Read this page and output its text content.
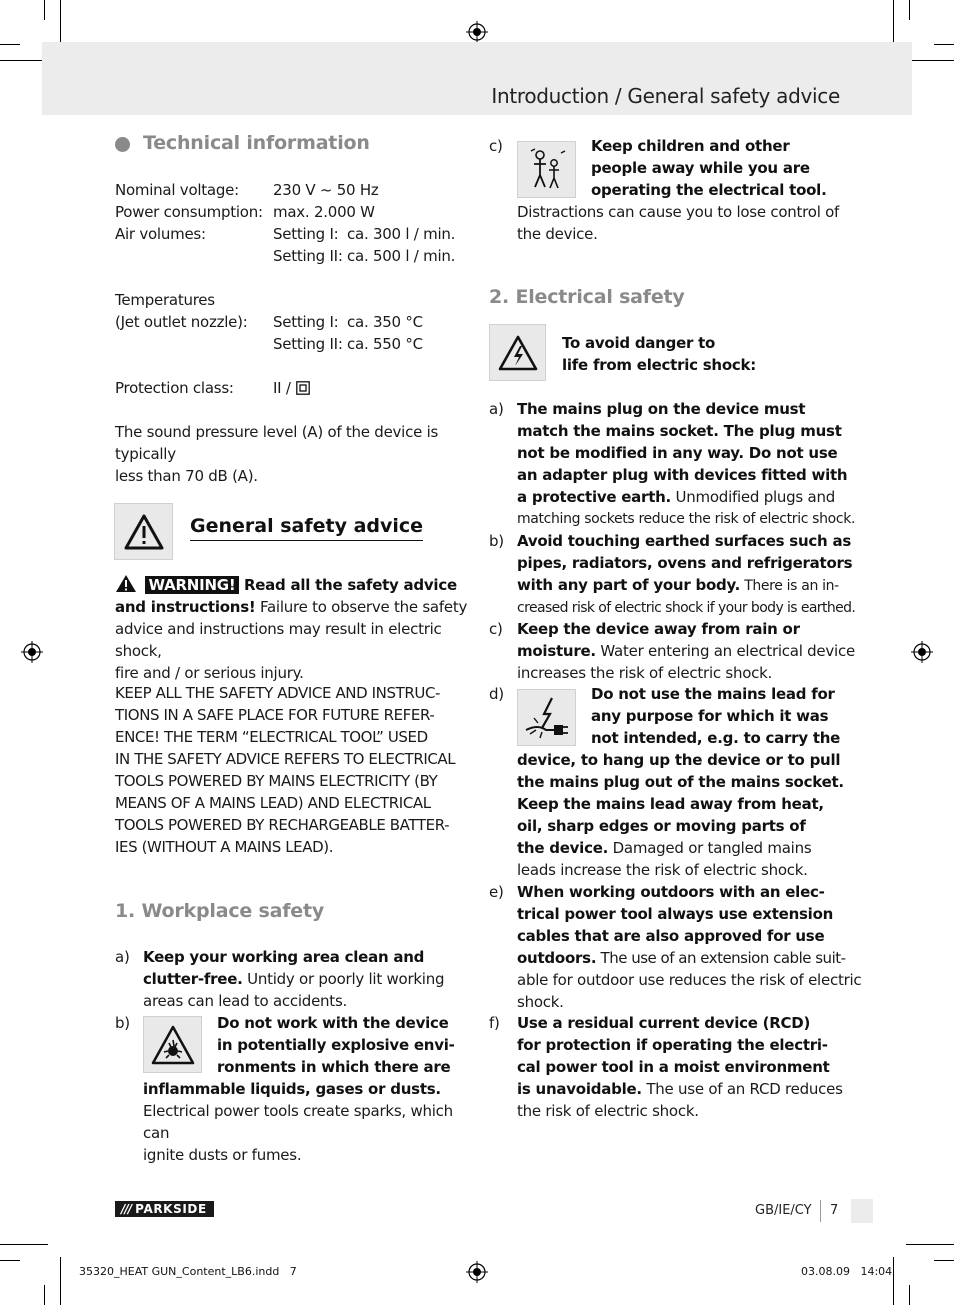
Introduction / General safety advice
Technical information
Nominal voltage: 230 V ~ 50 Hz
Power consumption: max. 2.000 W
Air volumes:	Setting I: ca. 300 l / min.
Setting II: ca. 500 l / min.
Temperatures
(Jet outlet nozzle): Setting I: ca. 350 °C
Setting II: ca. 550 °C
Protection class:	II /
The sound pressure level (A) of the device is typically
less than 70 dB (A).
General safety advice
WARNING! Read all the safety advice
and instructions! Failure to observe the safety
advice and instructions may result in electric shock,
fire and / or serious injury.
KEEP ALL THE SAFETY ADVICE AND INSTRUC-
TIONS IN A SAFE PLACE FOR FUTURE REFER-
ENCE! THE TERM “ELECTRICAL TOOL” USED
IN THE SAFETY ADVICE REFERS TO ELECTRICAL
TOOLS POWERED BY MAINS ELECTRICITY (BY
MEANS OF A MAINS LEAD) AND ELECTRICAL
TOOLS POWERED BY RECHARGEABLE BATTER-
IES (WITHOUT A MAINS LEAD).
1. Workplace safety
a) Keep your working area clean and
clutter-free. Untidy or poorly lit working
areas can lead to accidents.
b)	Do not work with the device
in potentially explosive envi-
ronments in which there are
inflammable liquids, gases or dusts.
Electrical power tools create sparks, which can
ignite dusts or fumes.
c)	Keep children and other
people away while you are
operating the electrical tool.
Distractions can cause you to lose control of
the device.
2. Electrical safety
To avoid danger to
life from electric shock:
a) The mains plug on the device must
match the mains socket. The plug must
not be modified in any way. Do not use
an adapter plug with devices fitted with
a protective earth. Unmodified plugs and
matching sockets reduce the risk of electric shock.
b) Avoid touching earthed surfaces such as
pipes, radiators, ovens and refrigerators
with any part of your body. There is an in-
creased risk of electric shock if your body is earthed.
c) Keep the device away from rain or
moisture. Water entering an electrical device
increases the risk of electric shock.
d)	Do not use the mains lead for
any purpose for which it was
not intended, e.g. to carry the
device, to hang up the device or to pull
the mains plug out of the mains socket.
Keep the mains lead away from heat,
oil, sharp edges or moving parts of
the device. Damaged or tangled mains
leads increase the risk of electric shock.
e) When working outdoors with an elec-
trical power tool always use extension
cables that are also approved for use
outdoors. The use of an extension cable suit-
able for outdoor use reduces the risk of electric
shock.
f) Use a residual current device (RCD)
for protection if operating the electri-
cal power tool in a moist environment
is unavoidable. The use of an RCD reduces
the risk of electric shock.
/// PARKSIDE	GB/IE/CY 7
35320_HEAT GUN_Content_LB6.indd   7	03.08.09   14:04
